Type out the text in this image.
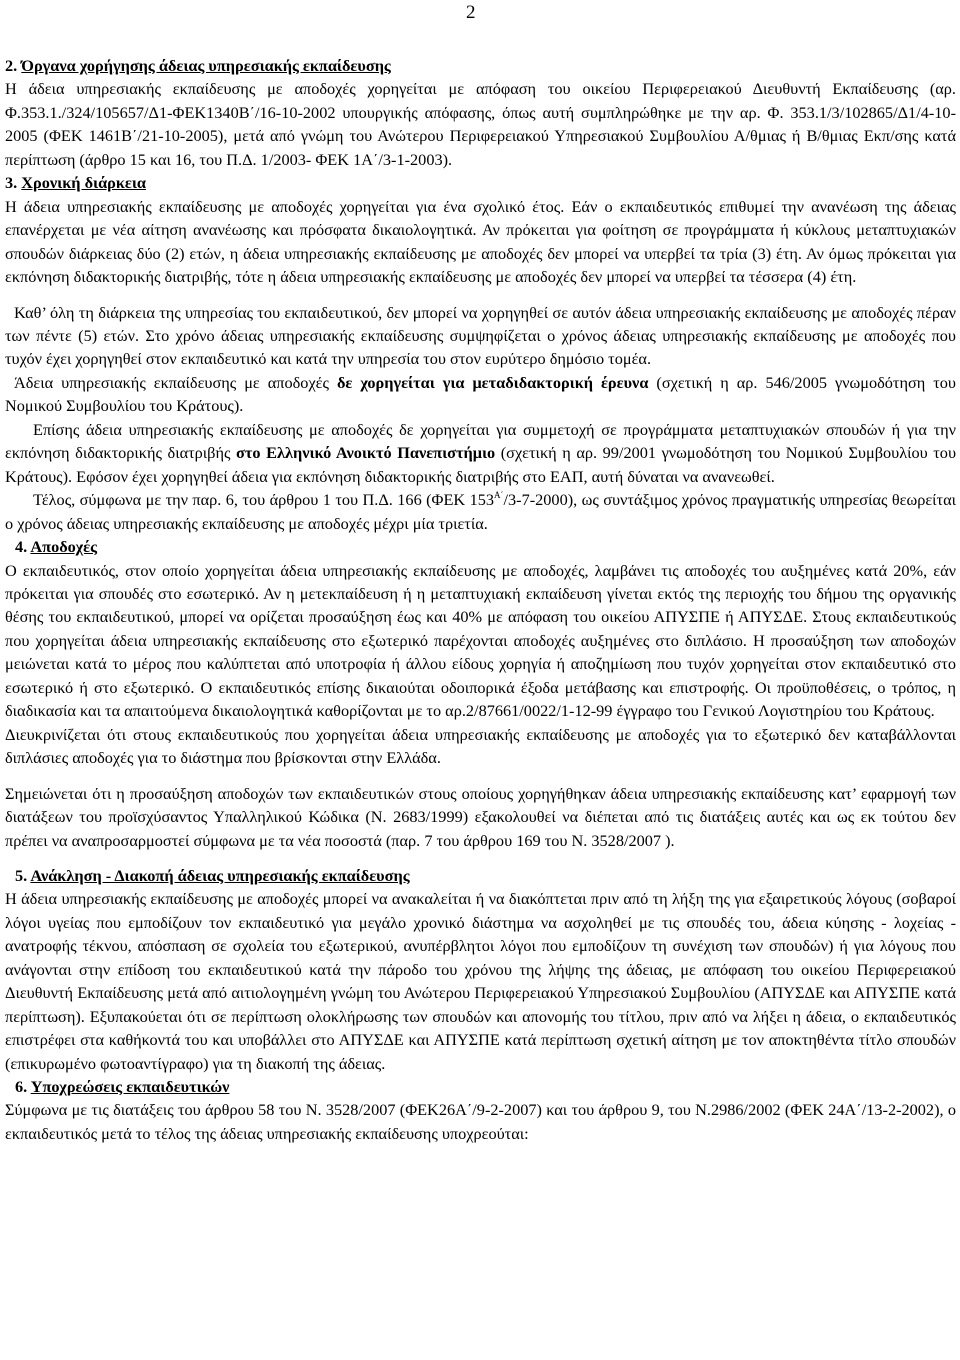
2

2. Όργανα χορήγησης άδειας υπηρεσιακής εκπαίδευσης

Η άδεια υπηρεσιακής εκπαίδευσης με αποδοχές χορηγείται με απόφαση του οικείου Περιφερειακού Διευθυντή Εκπαίδευσης (αρ. Φ.353.1./324/105657/Δ1-ΦΕΚ1340Β΄/16-10-2002 υπουργικής απόφασης, όπως αυτή συμπληρώθηκε με την αρ. Φ. 353.1/3/102865/Δ1/4-10-2005 (ΦΕΚ 1461Β΄/21-10-2005), μετά από γνώμη του Ανώτερου Περιφερειακού Υπηρεσιακού Συμβουλίου Α/θμιας ή Β/θμιας Εκπ/σης κατά περίπτωση (άρθρο 15 και 16, του Π.Δ. 1/2003- ΦΕΚ 1Α΄/3-1-2003).

3. Χρονική διάρκεια

Η άδεια υπηρεσιακής εκπαίδευσης με αποδοχές χορηγείται για ένα σχολικό έτος. Εάν ο εκπαιδευτικός επιθυμεί την ανανέωση της άδειας επανέρχεται με νέα αίτηση ανανέωσης και πρόσφατα δικαιολογητικά. Αν πρόκειται για φοίτηση σε προγράμματα ή κύκλους μεταπτυχιακών σπουδών διάρκειας δύο (2) ετών, η άδεια υπηρεσιακής εκπαίδευσης με αποδοχές δεν μπορεί να υπερβεί τα τρία (3) έτη. Αν όμως πρόκειται για εκπόνηση διδακτορικής διατριβής, τότε η άδεια υπηρεσιακής εκπαίδευσης με αποδοχές δεν μπορεί να υπερβεί τα τέσσερα (4) έτη.

Καθ’ όλη τη διάρκεια της υπηρεσίας του εκπαιδευτικού, δεν μπορεί να χορηγηθεί σε αυτόν άδεια υπηρεσιακής εκπαίδευσης με αποδοχές πέραν των πέντε (5) ετών. Στο χρόνο άδειας υπηρεσιακής εκπαίδευσης συμψηφίζεται ο χρόνος άδειας υπηρεσιακής εκπαίδευσης με αποδοχές που τυχόν έχει χορηγηθεί στον εκπαιδευτικό και κατά την υπηρεσία του στον ευρύτερο δημόσιο τομέα.

Άδεια υπηρεσιακής εκπαίδευσης με αποδοχές δε χορηγείται για μεταδιδακτορική έρευνα (σχετική η αρ. 546/2005 γνωμοδότηση του Νομικού Συμβουλίου του Κράτους).

Επίσης άδεια υπηρεσιακής εκπαίδευσης με αποδοχές δε χορηγείται για συμμετοχή σε προγράμματα μεταπτυχιακών σπουδών ή για την εκπόνηση διδακτορικής διατριβής στο Ελληνικό Ανοικτό Πανεπιστήμιο (σχετική η αρ. 99/2001 γνωμοδότηση του Νομικού Συμβουλίου του Κράτους). Εφόσον έχει χορηγηθεί άδεια για εκπόνηση διδακτορικής διατριβής στο ΕΑΠ, αυτή δύναται να ανανεωθεί.

Τέλος, σύμφωνα με την παρ. 6, του άρθρου 1 του Π.Δ. 166 (ΦΕΚ $153^{A΄}/3-7-2000$), ως συντάξιμος χρόνος πραγματικής υπηρεσίας θεωρείται ο χρόνος άδειας υπηρεσιακής εκπαίδευσης με αποδοχές μέχρι μία τριετία.

4. Αποδοχές

Ο εκπαιδευτικός, στον οποίο χορηγείται άδεια υπηρεσιακής εκπαίδευσης με αποδοχές, λαμβάνει τις αποδοχές του αυξημένες κατά 20%, εάν πρόκειται για σπουδές στο εσωτερικό. Αν η μετεκπαίδευση ή η μεταπτυχιακή εκπαίδευση γίνεται εκτός της περιοχής του δήμου της οργανικής θέσης του εκπαιδευτικού, μπορεί να ορίζεται προσαύξηση έως και 40% με απόφαση του οικείου ΑΠΥΣΠΕ ή ΑΠΥΣΔΕ. Στους εκπαιδευτικούς που χορηγείται άδεια υπηρεσιακής εκπαίδευσης στο εξωτερικό παρέχονται αποδοχές αυξημένες στο διπλάσιο. Η προσαύξηση των αποδοχών μειώνεται κατά το μέρος που καλύπτεται από υποτροφία ή άλλου είδους χορηγία ή αποζημίωση που τυχόν χορηγείται στον εκπαιδευτικό στο εσωτερικό ή στο εξωτερικό. Ο εκπαιδευτικός επίσης δικαιούται οδοιπορικά έξοδα μετάβασης και επιστροφής. Οι προϋποθέσεις, ο τρόπος, η διαδικασία και τα απαιτούμενα δικαιολογητικά καθορίζονται με το αρ.2/87661/0022/1-12-99 έγγραφο του Γενικού Λογιστηρίου του Κράτους.

Διευκρινίζεται ότι στους εκπαιδευτικούς που χορηγείται άδεια υπηρεσιακής εκπαίδευσης με αποδοχές για το εξωτερικό δεν καταβάλλονται διπλάσιες αποδοχές για το διάστημα που βρίσκονται στην Ελλάδα.

Σημειώνεται ότι η προσαύξηση αποδοχών των εκπαιδευτικών στους οποίους χορηγήθηκαν άδεια υπηρεσιακής εκπαίδευσης κατ’ εφαρμογή των διατάξεων του προϊσχύσαντος Υπαλληλικού Κώδικα (Ν. 2683/1999) εξακολουθεί να διέπεται από τις διατάξεις αυτές και ως εκ τούτου δεν πρέπει να αναπροσαρμοστεί σύμφωνα με τα νέα ποσοστά (παρ. 7 του άρθρου 169 του Ν. 3528/2007 ).

5. Ανάκληση - Διακοπή άδειας υπηρεσιακής εκπαίδευσης

Η άδεια υπηρεσιακής εκπαίδευσης με αποδοχές μπορεί να ανακαλείται ή να διακόπτεται πριν από τη λήξη της για εξαιρετικούς λόγους (σοβαροί λόγοι υγείας που εμποδίζουν τον εκπαιδευτικό για μεγάλο χρονικό διάστημα να ασχοληθεί με τις σπουδές του, άδεια κύησης - λοχείας - ανατροφής τέκνου, απόσπαση σε σχολεία του εξωτερικού, ανυπέρβλητοι λόγοι που εμποδίζουν τη συνέχιση των σπουδών) ή για λόγους που ανάγονται στην επίδοση του εκπαιδευτικού κατά την πάροδο του χρόνου της λήψης της άδειας, με απόφαση του οικείου Περιφερειακού Διευθυντή Εκπαίδευσης μετά από αιτιολογημένη γνώμη του Ανώτερου Περιφερειακού Υπηρεσιακού Συμβουλίου (ΑΠΥΣΔΕ και ΑΠΥΣΠΕ κατά περίπτωση). Εξυπακούεται ότι σε περίπτωση ολοκλήρωσης των σπουδών και απονομής του τίτλου, πριν από να λήξει η άδεια, ο εκπαιδευτικός επιστρέφει στα καθήκοντά του και υποβάλλει στο ΑΠΥΣΔΕ και ΑΠΥΣΠΕ κατά περίπτωση σχετική αίτηση με τον αποκτηθέντα τίτλο σπουδών (επικυρωμένο φωτοαντίγραφο) για τη διακοπή της άδειας.

6. Υποχρεώσεις εκπαιδευτικών

Σύμφωνα με τις διατάξεις του άρθρου 58 του Ν. 3528/2007 (ΦΕΚ26Α΄/9-2-2007) και του άρθρου 9, του Ν.2986/2002 (ΦΕΚ 24Α΄/13-2-2002), ο εκπαιδευτικός μετά το τέλος της άδειας υπηρεσιακής εκπαίδευσης υποχρεούται:
